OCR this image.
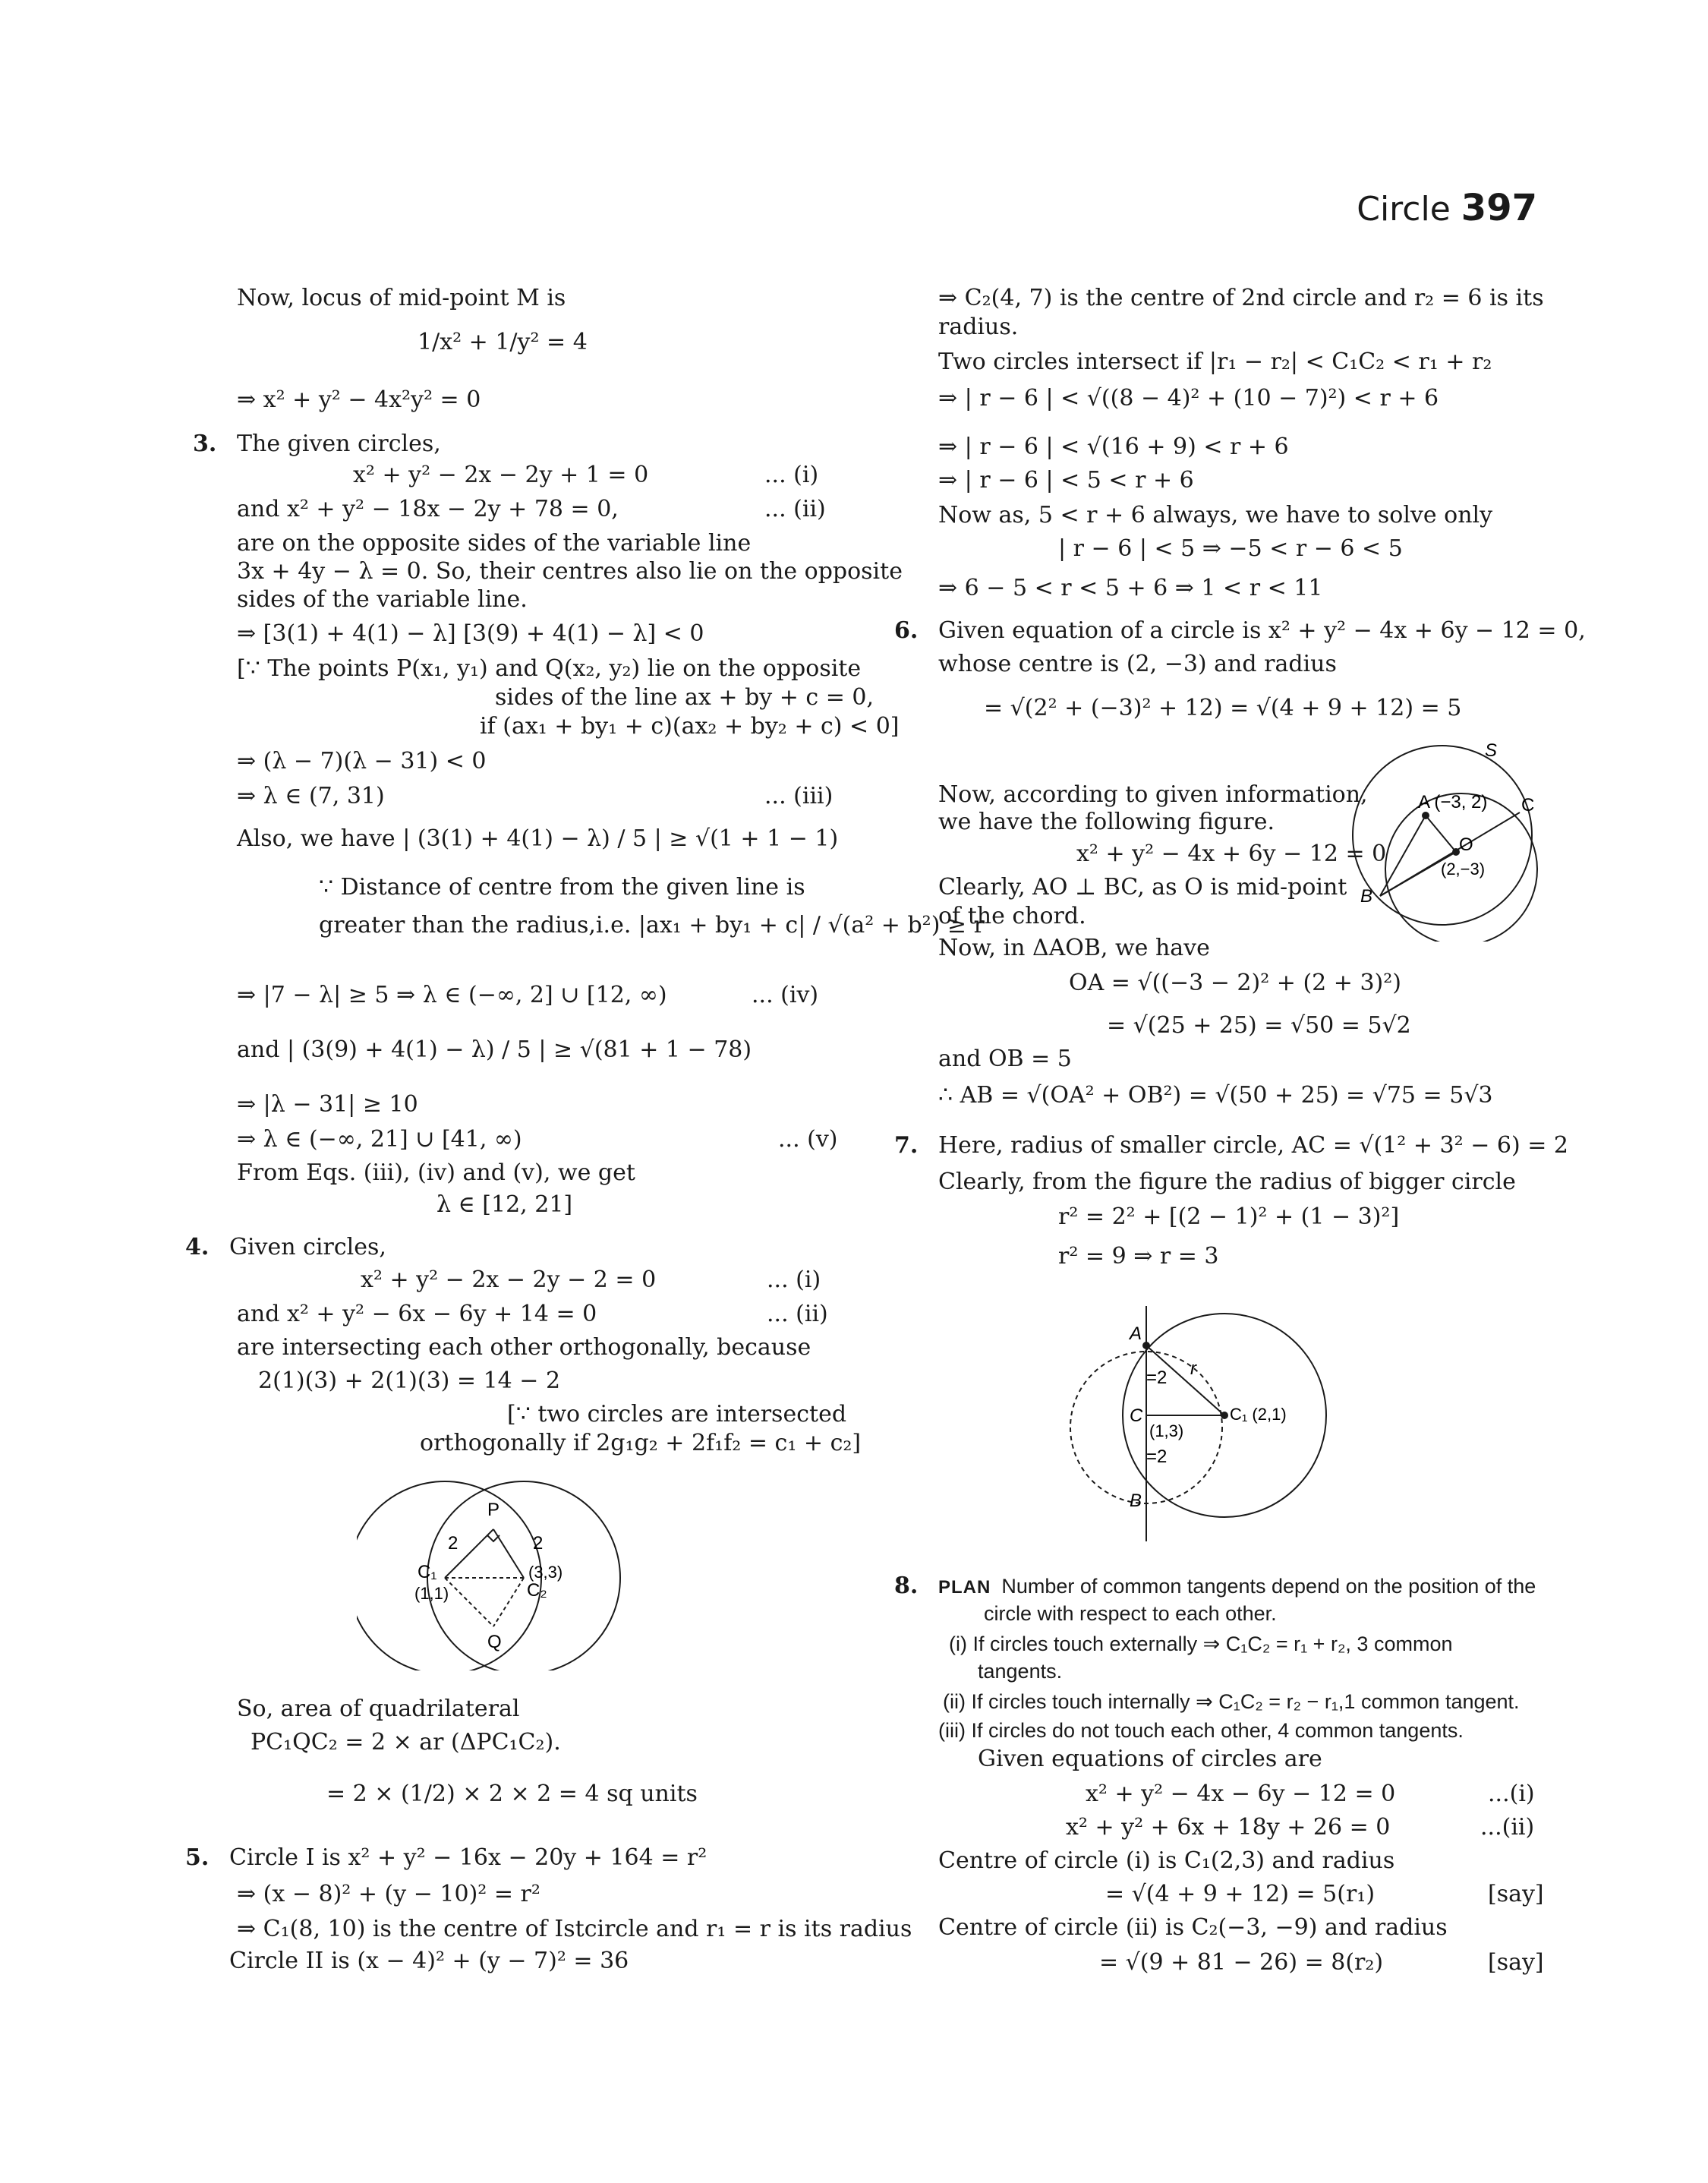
Circle 397
Now, locus of mid-point M is
1/x² + 1/y² = 4
⇒ x² + y² − 4x²y² = 0
3. The given circles,
x² + y² − 2x − 2y + 1 = 0	... (i)
and x² + y² − 18x − 2y + 78 = 0,	... (ii)
are on the opposite sides of the variable line
3x + 4y − λ = 0. So, their centres also lie on the opposite
sides of the variable line.
⇒ [3(1) + 4(1) − λ] [3(9) + 4(1) − λ] < 0
[∵ The points P(x₁, y₁) and Q(x₂, y₂) lie on the opposite
sides of the line ax + by + c = 0,
if (ax₁ + by₁ + c)(ax₂ + by₂ + c) < 0]
⇒ (λ − 7)(λ − 31) < 0
⇒ λ ∈ (7, 31)	... (iii)
Also, we have | (3(1) + 4(1) − λ) / 5 | ≥ √(1 + 1 − 1)
∵ Distance of centre from the given line is
greater than the radius,i.e. |ax₁ + by₁ + c| / √(a² + b²) ≥ r
⇒ |7 − λ| ≥ 5 ⇒ λ ∈ (−∞, 2] ∪ [12, ∞)	... (iv)
and | (3(9) + 4(1) − λ) / 5 | ≥ √(81 + 1 − 78)
⇒ |λ − 31| ≥ 10
⇒ λ ∈ (−∞, 21] ∪ [41, ∞)	... (v)
From Eqs. (iii), (iv) and (v), we get
λ ∈ [12, 21]
4. Given circles,
x² + y² − 2x − 2y − 2 = 0	... (i)
and x² + y² − 6x − 6y + 14 = 0	... (ii)
are intersecting each other orthogonally, because
2(1)(3) + 2(1)(3) = 14 − 2
[∵ two circles are intersected
orthogonally if 2g₁g₂ + 2f₁f₂ = c₁ + c₂]
P
Q
C₁
(1,1)
(3,3)
C₂
2	2
So, area of quadrilateral
PC₁QC₂ = 2 × ar (ΔPC₁C₂).
= 2 × (1/2) × 2 × 2 = 4 sq units
5. Circle I is x² + y² − 16x − 20y + 164 = r²
⇒ (x − 8)² + (y − 10)² = r²
⇒ C₁(8, 10) is the centre of Istcircle and r₁ = r is its radius
Circle II is (x − 4)² + (y − 7)² = 36
⇒ C₂(4, 7) is the centre of 2nd circle and r₂ = 6 is its
radius.
Two circles intersect if |r₁ − r₂| < C₁C₂ < r₁ + r₂
⇒ | r − 6 | < √((8 − 4)² + (10 − 7)²) < r + 6
⇒ | r − 6 | < √(16 + 9) < r + 6
⇒ | r − 6 | < 5 < r + 6
Now as, 5 < r + 6 always, we have to solve only
| r − 6 | < 5 ⇒ −5 < r − 6 < 5
⇒ 6 − 5 < r < 5 + 6 ⇒ 1 < r < 11
6. Given equation of a circle is x² + y² − 4x + 6y − 12 = 0,
whose centre is (2, −3) and radius
= √(2² + (−3)² + 12) = √(4 + 9 + 12) = 5
Now, according to given information,
we have the following figure.
x² + y² − 4x + 6y − 12 = 0
Clearly, AO ⊥ BC, as O is mid-point
of the chord.
Now, in ΔAOB, we have
OA = √((−3 − 2)² + (2 + 3)²)
= √(25 + 25) = √50 = 5√2
and OB = 5
∴ AB = √(OA² + OB²) = √(50 + 25) = √75 = 5√3
S
A (−3, 2) C
O
(2,−3)
B
7. Here, radius of smaller circle, AC = √(1² + 3² − 6) = 2
Clearly, from the figure the radius of bigger circle
r² = 2² + [(2 − 1)² + (1 − 3)²]
r² = 9 ⇒ r = 3
A
r
=2
C
(1,3)
=2
B
C₁ (2,1)
8. PLAN Number of common tangents depend on the position of the
circle with respect to each other.
(i) If circles touch externally ⇒ C₁C₂ = r₁ + r₂, 3 common
tangents.
(ii) If circles touch internally ⇒ C₁C₂ = r₂ − r₁,1 common tangent.
(iii) If circles do not touch each other, 4 common tangents.
Given equations of circles are
x² + y² − 4x − 6y − 12 = 0	...(i)
x² + y² + 6x + 18y + 26 = 0	...(ii)
Centre of circle (i) is C₁(2,3) and radius
= √(4 + 9 + 12) = 5(r₁)	[say]
Centre of circle (ii) is C₂(−3, −9) and radius
= √(9 + 81 − 26) = 8(r₂)	[say]
